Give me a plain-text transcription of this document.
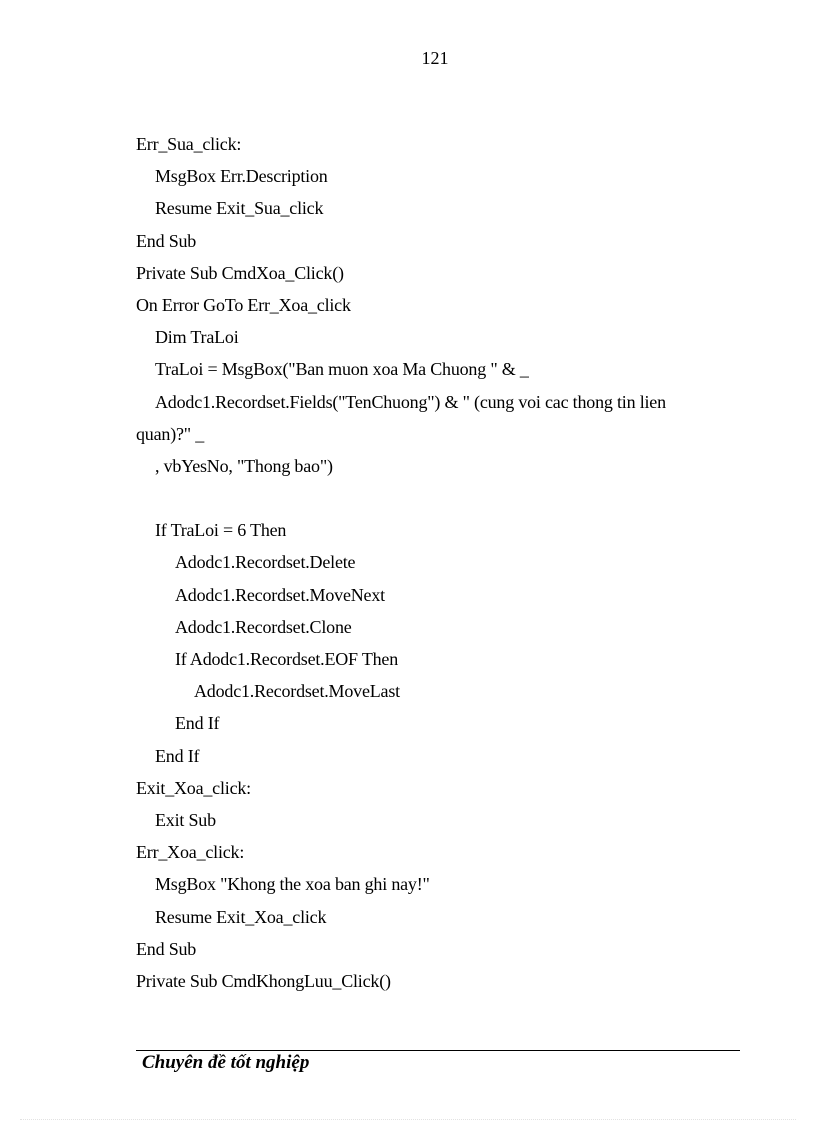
121
Err_Sua_click:
MsgBox Err.Description
Resume Exit_Sua_click
End Sub
Private Sub CmdXoa_Click()
On Error GoTo Err_Xoa_click
Dim TraLoi
TraLoi = MsgBox("Ban muon xoa Ma Chuong " & _
Adodc1.Recordset.Fields("TenChuong") & " (cung voi cac thong tin lien
quan)?" _
, vbYesNo, "Thong bao")
If TraLoi = 6 Then
Adodc1.Recordset.Delete
Adodc1.Recordset.MoveNext
Adodc1.Recordset.Clone
If Adodc1.Recordset.EOF Then
Adodc1.Recordset.MoveLast
End If
End If
Exit_Xoa_click:
Exit Sub
Err_Xoa_click:
MsgBox "Khong the xoa ban ghi nay!"
Resume Exit_Xoa_click
End Sub
Private Sub CmdKhongLuu_Click()
Chuyên đề tốt nghiệp
